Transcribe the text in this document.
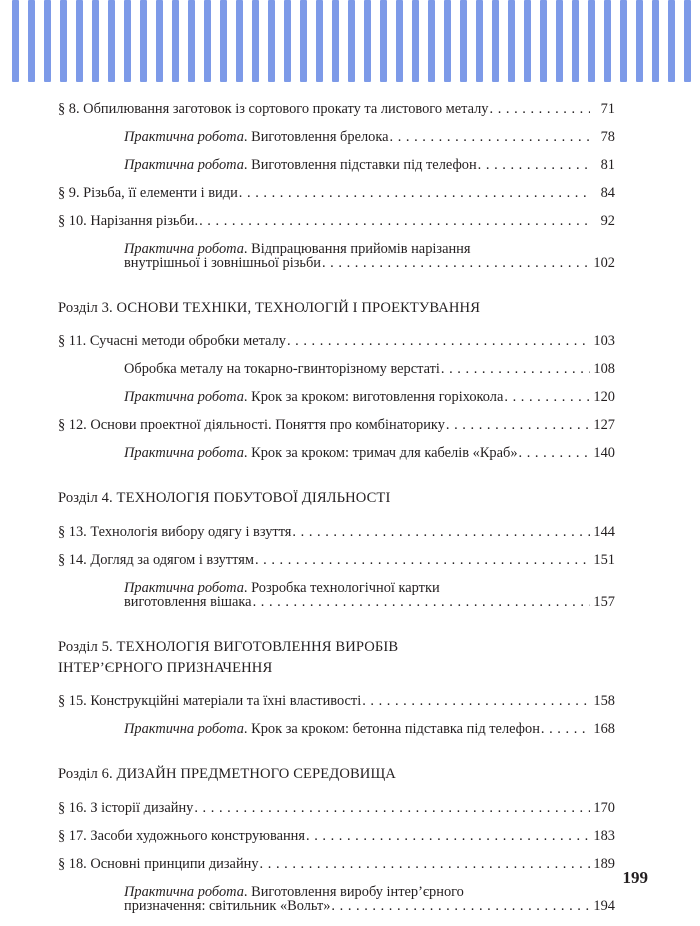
§ 8. Обпилювання заготовок із сортового прокату та листового металу . . .	71
Практична робота. Виготовлення брелока . . .	78
Практична робота. Виготовлення підставки під телефон . . .	81
§ 9. Різьба, її елементи і види . . .	84
§ 10. Нарізання різьби. . . .	92
Практична робота. Відпрацювання прийомів нарізання
внутрішньої і зовнішньої різьби . . .	102
Розділ 3. ОСНОВИ ТЕХНІКИ, ТЕХНОЛОГІЙ І ПРОЕКТУВАННЯ
§ 11. Сучасні методи обробки металу . . .	103
Обробка металу на токарно-гвинторізному верстаті . . .	108
Практична робота. Крок за кроком: виготовлення горіхокола . . .	120
§ 12. Основи проектної діяльності. Поняття про комбінаторику . . .	127
Практична робота. Крок за кроком: тримач для кабелів «Краб» . . .	140
Розділ 4. ТЕХНОЛОГІЯ ПОБУТОВОЇ ДІЯЛЬНОСТІ
§ 13. Технологія вибору одягу і взуття . . .	144
§ 14. Догляд за одягом і взуттям . . .	151
Практична робота. Розробка технологічної картки
виготовлення вішака . . .	157
Розділ 5. ТЕХНОЛОГІЯ ВИГОТОВЛЕННЯ ВИРОБІВ
ІНТЕР’ЄРНОГО ПРИЗНАЧЕННЯ
§ 15. Конструкційні матеріали та їхні властивості . . .	158
Практична робота. Крок за кроком: бетонна підставка під телефон . . .	168
Розділ 6. ДИЗАЙН ПРЕДМЕТНОГО СЕРЕДОВИЩА
§ 16. З історії дизайну . . .	170
§ 17. Засоби художнього конструювання . . .	183
§ 18. Основні принципи дизайну . . .	189
Практична робота. Виготовлення виробу інтер’єрного
призначення: світильник «Вольт» . . .	194
199
